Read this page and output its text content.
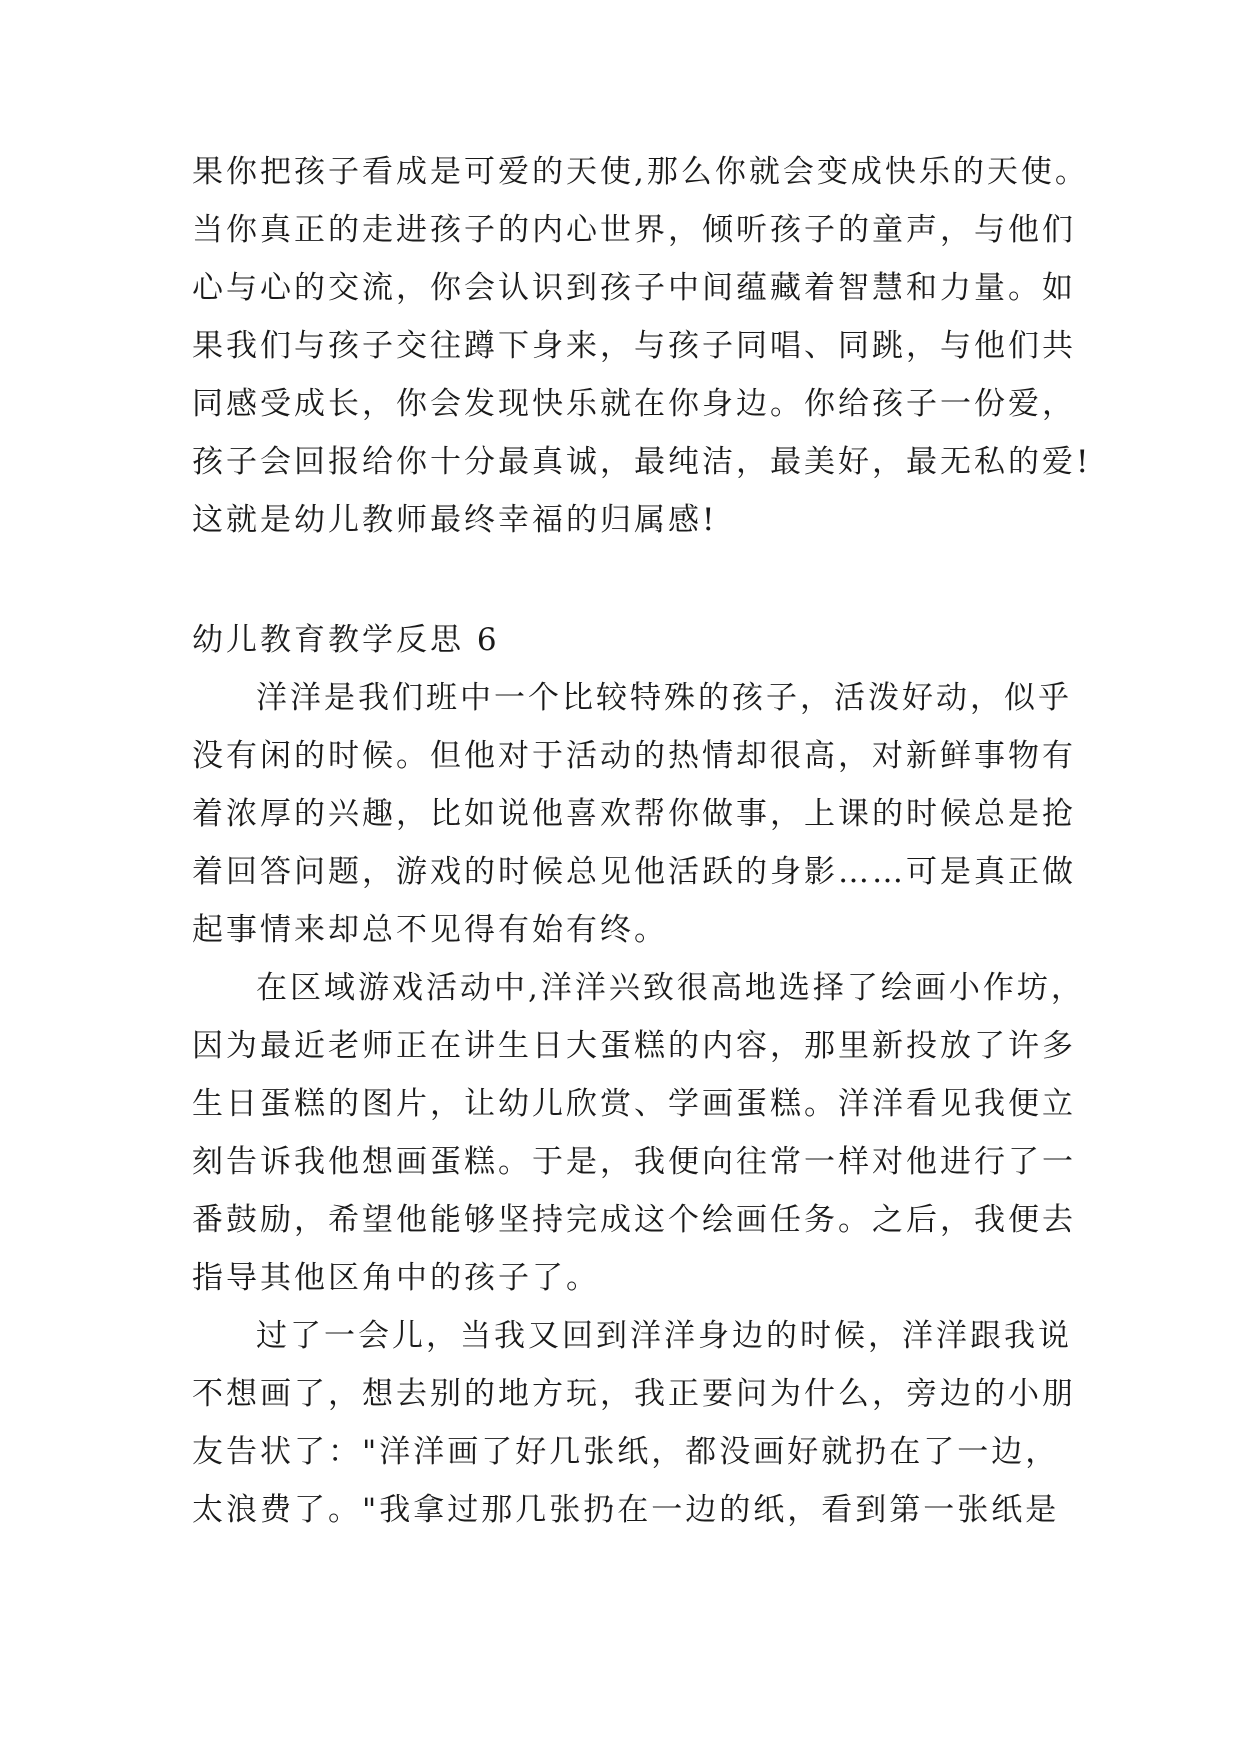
果你把孩子看成是可爱的天使,那么你就会变成快乐的天使。
当你真正的走进孩子的内心世界，倾听孩子的童声，与他们
心与心的交流，你会认识到孩子中间蕴藏着智慧和力量。如
果我们与孩子交往蹲下身来，与孩子同唱、同跳，与他们共
同感受成长，你会发现快乐就在你身边。你给孩子一份爱，
孩子会回报给你十分最真诚，最纯洁，最美好，最无私的爱!
这就是幼儿教师最终幸福的归属感!
幼儿教育教学反思 6
洋洋是我们班中一个比较特殊的孩子，活泼好动，似乎
没有闲的时候。但他对于活动的热情却很高，对新鲜事物有
着浓厚的兴趣，比如说他喜欢帮你做事，上课的时候总是抢
着回答问题，游戏的时候总见他活跃的身影……可是真正做
起事情来却总不见得有始有终。
在区域游戏活动中,洋洋兴致很高地选择了绘画小作坊，
因为最近老师正在讲生日大蛋糕的内容，那里新投放了许多
生日蛋糕的图片，让幼儿欣赏、学画蛋糕。洋洋看见我便立
刻告诉我他想画蛋糕。于是，我便向往常一样对他进行了一
番鼓励，希望他能够坚持完成这个绘画任务。之后，我便去
指导其他区角中的孩子了。
过了一会儿，当我又回到洋洋身边的时候，洋洋跟我说
不想画了，想去别的地方玩，我正要问为什么，旁边的小朋
友告状了："洋洋画了好几张纸，都没画好就扔在了一边，
太浪费了。"我拿过那几张扔在一边的纸，看到第一张纸是
